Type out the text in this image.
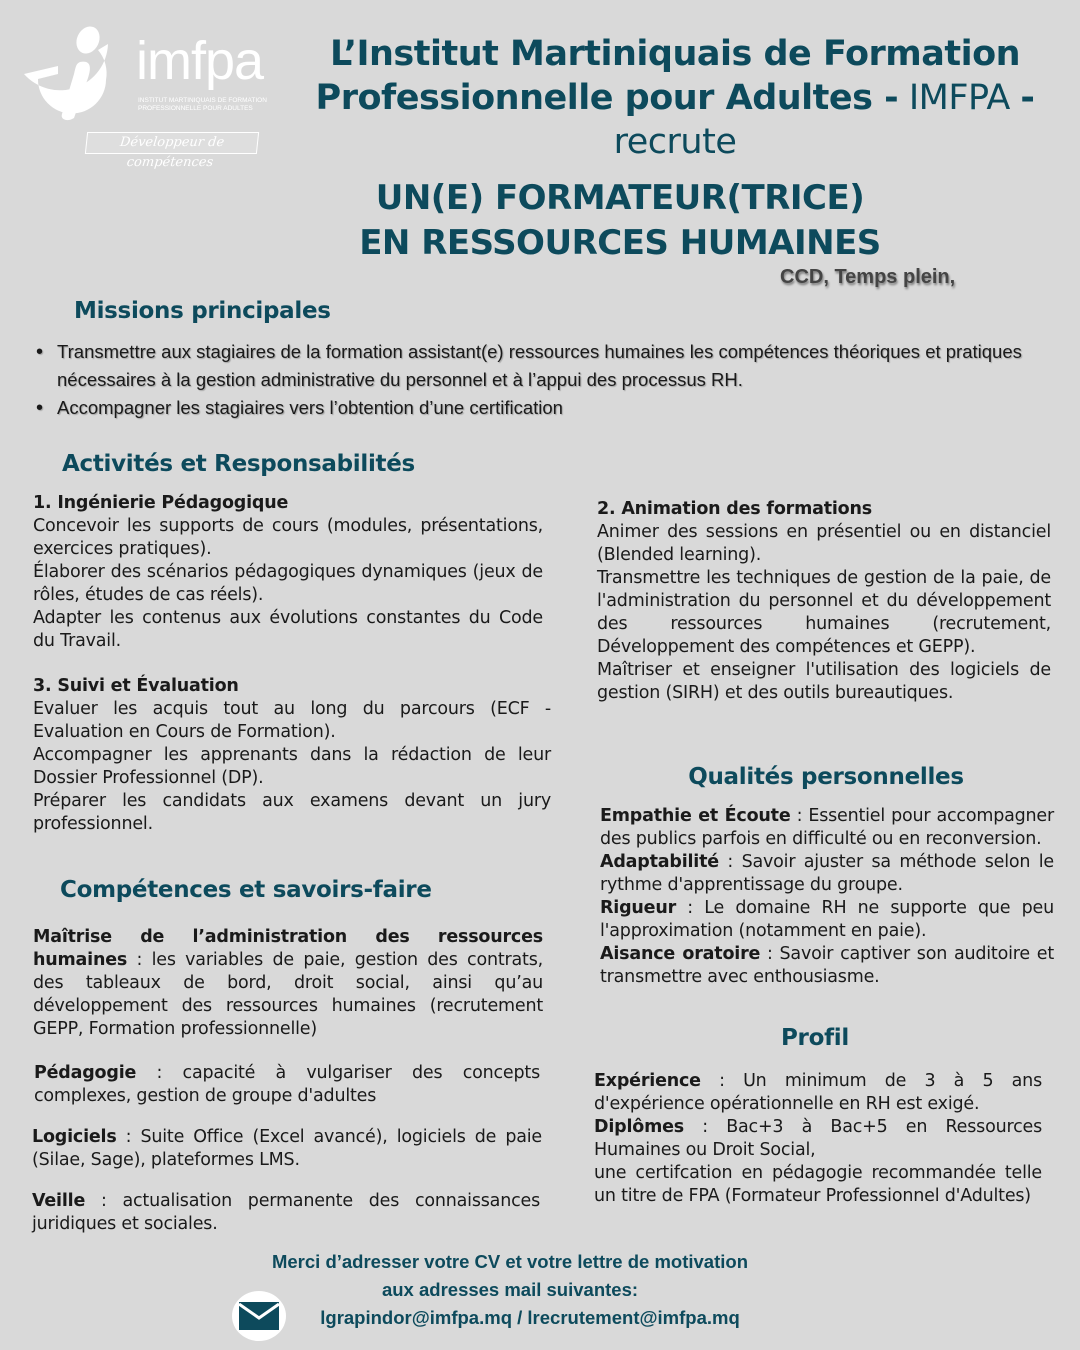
imfpa
INSTITUT MARTINIQUAIS DE FORMATION PROFESSIONNELLE POUR ADULTES
Développeur de compétences
L’Institut Martiniquais de Formation Professionnelle pour Adultes - IMFPA -
recrute
UN(E) FORMATEUR(TRICE)
EN RESSOURCES HUMAINES
CCD, Temps plein,
Missions principales
• Transmettre aux stagiaires de la formation assistant(e) ressources humaines les compétences théoriques et pratiques nécessaires à la gestion administrative du personnel et à l’appui des processus RH.
• Accompagner les stagiaires vers l’obtention d’une certification
Activités et Responsabilités
1. Ingénierie Pédagogique

Concevoir les supports de cours (modules, présentations, exercices pratiques).

Élaborer des scénarios pédagogiques dynamiques (jeux de rôles, études de cas réels).

Adapter les contenus aux évolutions constantes du Code du Travail.

2. Animation des formations

Animer des sessions en présentiel ou en distanciel (Blended learning).

Transmettre les techniques de gestion de la paie, de l'administration du personnel et du développement des ressources humaines (recrutement, Développement des compétences et GEPP).

Maîtriser et enseigner l'utilisation des logiciels de gestion (SIRH) et des outils bureautiques.

3. Suivi et Évaluation

Evaluer les acquis tout au long du parcours (ECF - Evaluation en Cours de Formation).

Accompagner les apprenants dans la rédaction de leur Dossier Professionnel (DP).

Préparer les candidats aux examens devant un jury professionnel.

Compétences et savoirs-faire
Maîtrise de l’administration des ressources humaines : les variables de paie, gestion des contrats, des tableaux de bord, droit social, ainsi qu’au développement des ressources humaines (recrutement GEPP, Formation professionnelle)
Pédagogie : capacité à vulgariser des concepts complexes, gestion de groupe d'adultes
Logiciels : Suite Office (Excel avancé), logiciels de paie (Silae, Sage), plateformes LMS.
Veille : actualisation permanente des connaissances juridiques et sociales.
Qualités personnelles

Empathie et Écoute : Essentiel pour accompagner des publics parfois en difficulté ou en reconversion.

Adaptabilité : Savoir ajuster sa méthode selon le rythme d'apprentissage du groupe.

Rigueur : Le domaine RH ne supporte que peu l'approximation (notamment en paie).

Aisance oratoire : Savoir captiver son auditoire et transmettre avec enthousiasme.

Profil

Expérience : Un minimum de 3 à 5 ans d'expérience opérationnelle en RH est exigé.

Diplômes : Bac+3 à Bac+5 en Ressources Humaines ou Droit Social,

une certifcation en pédagogie recommandée telle un titre de FPA (Formateur Professionnel d'Adultes)

Merci d’adresser votre CV et votre lettre de motivation
aux adresses mail suivantes:
lgrapindor@imfpa.mq / lrecrutement@imfpa.mq
